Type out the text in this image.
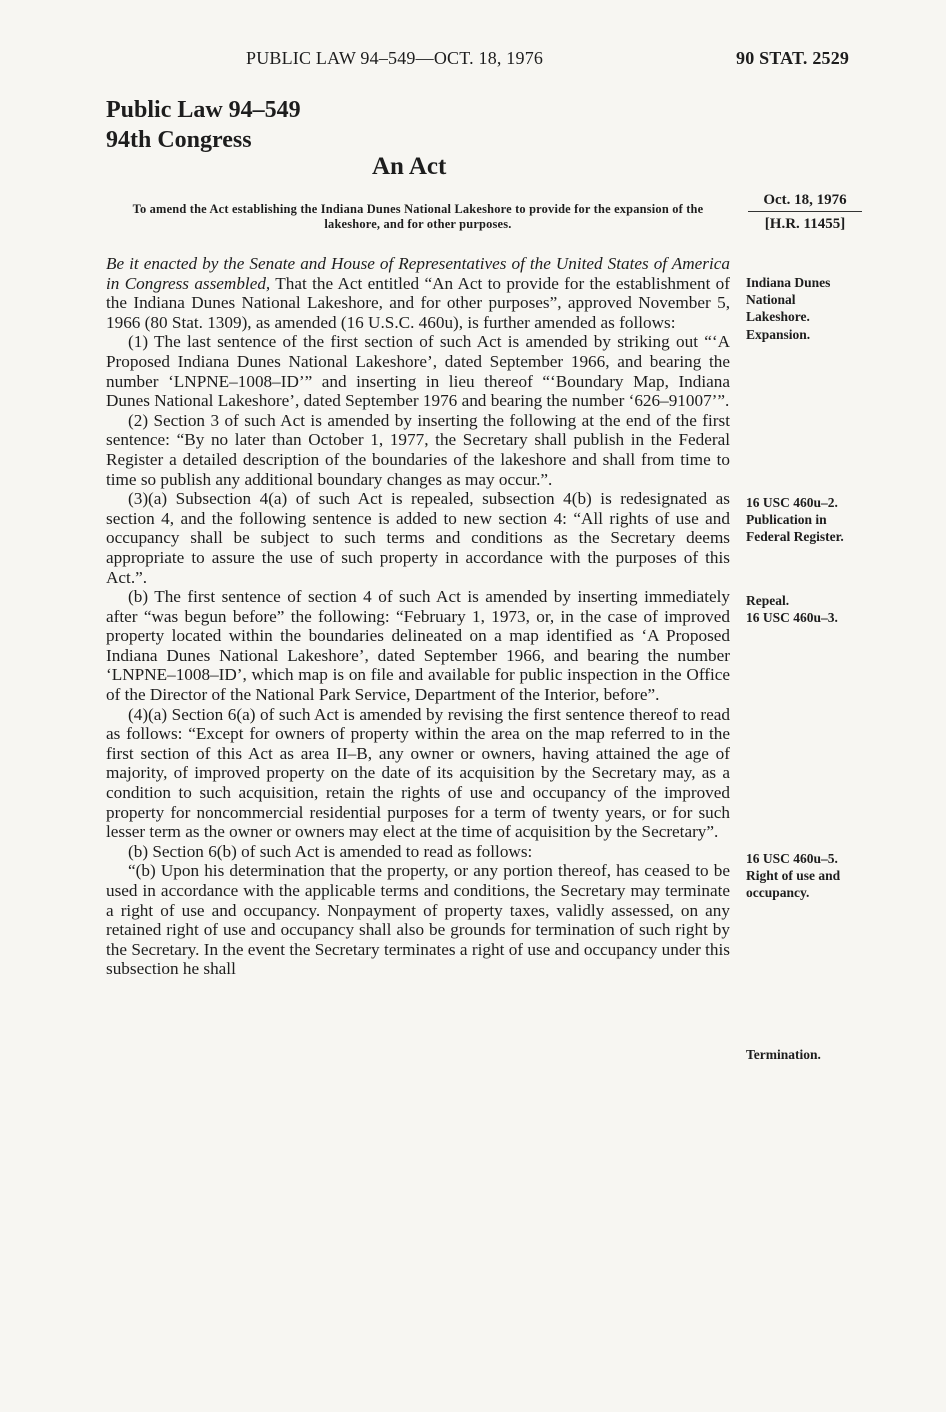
PUBLIC LAW 94–549—OCT. 18, 1976	90 STAT. 2529
Public Law 94–549
94th Congress
An Act

To amend the Act establishing the Indiana Dunes National Lakeshore to provide for the expansion of the lakeshore, and for other purposes.

Oct. 18, 1976
[H.R. 11455]
Indiana Dunes
National
Lakeshore.
Expansion.
16 USC 460u–2.
Publication in
Federal Register.
Repeal.
16 USC 460u–3.
16 USC 460u–5.
Right of use and
occupancy.
Termination.

Be it enacted by the Senate and House of Representatives of the United States of America in Congress assembled, That the Act entitled “An Act to provide for the establishment of the Indiana Dunes National Lakeshore, and for other purposes”, approved November 5, 1966 (80 Stat. 1309), as amended (16 U.S.C. 460u), is further amended as follows:

(1) The last sentence of the first section of such Act is amended by striking out “‘A Proposed Indiana Dunes National Lakeshore’, dated September 1966, and bearing the number ‘LNPNE–1008–ID’” and inserting in lieu thereof “‘Boundary Map, Indiana Dunes National Lakeshore’, dated September 1976 and bearing the number ‘626–91007’”.

(2) Section 3 of such Act is amended by inserting the following at the end of the first sentence: “By no later than October 1, 1977, the Secretary shall publish in the Federal Register a detailed description of the boundaries of the lakeshore and shall from time to time so publish any additional boundary changes as may occur.”.

(3)(a) Subsection 4(a) of such Act is repealed, subsection 4(b) is redesignated as section 4, and the following sentence is added to new section 4: “All rights of use and occupancy shall be subject to such terms and conditions as the Secretary deems appropriate to assure the use of such property in accordance with the purposes of this Act.”.

(b) The first sentence of section 4 of such Act is amended by inserting immediately after “was begun before” the following: “February 1, 1973, or, in the case of improved property located within the boundaries delineated on a map identified as ‘A Proposed Indiana Dunes National Lakeshore’, dated September 1966, and bearing the number ‘LNPNE–1008–ID’, which map is on file and available for public inspection in the Office of the Director of the National Park Service, Department of the Interior, before”.

(4)(a) Section 6(a) of such Act is amended by revising the first sentence thereof to read as follows: “Except for owners of property within the area on the map referred to in the first section of this Act as area II–B, any owner or owners, having attained the age of majority, of improved property on the date of its acquisition by the Secretary may, as a condition to such acquisition, retain the rights of use and occupancy of the improved property for noncommercial residential purposes for a term of twenty years, or for such lesser term as the owner or owners may elect at the time of acquisition by the Secretary”.

(b) Section 6(b) of such Act is amended to read as follows:

“(b) Upon his determination that the property, or any portion thereof, has ceased to be used in accordance with the applicable terms and conditions, the Secretary may terminate a right of use and occupancy. Nonpayment of property taxes, validly assessed, on any retained right of use and occupancy shall also be grounds for termination of such right by the Secretary. In the event the Secretary terminates a right of use and occupancy under this subsection he shall
